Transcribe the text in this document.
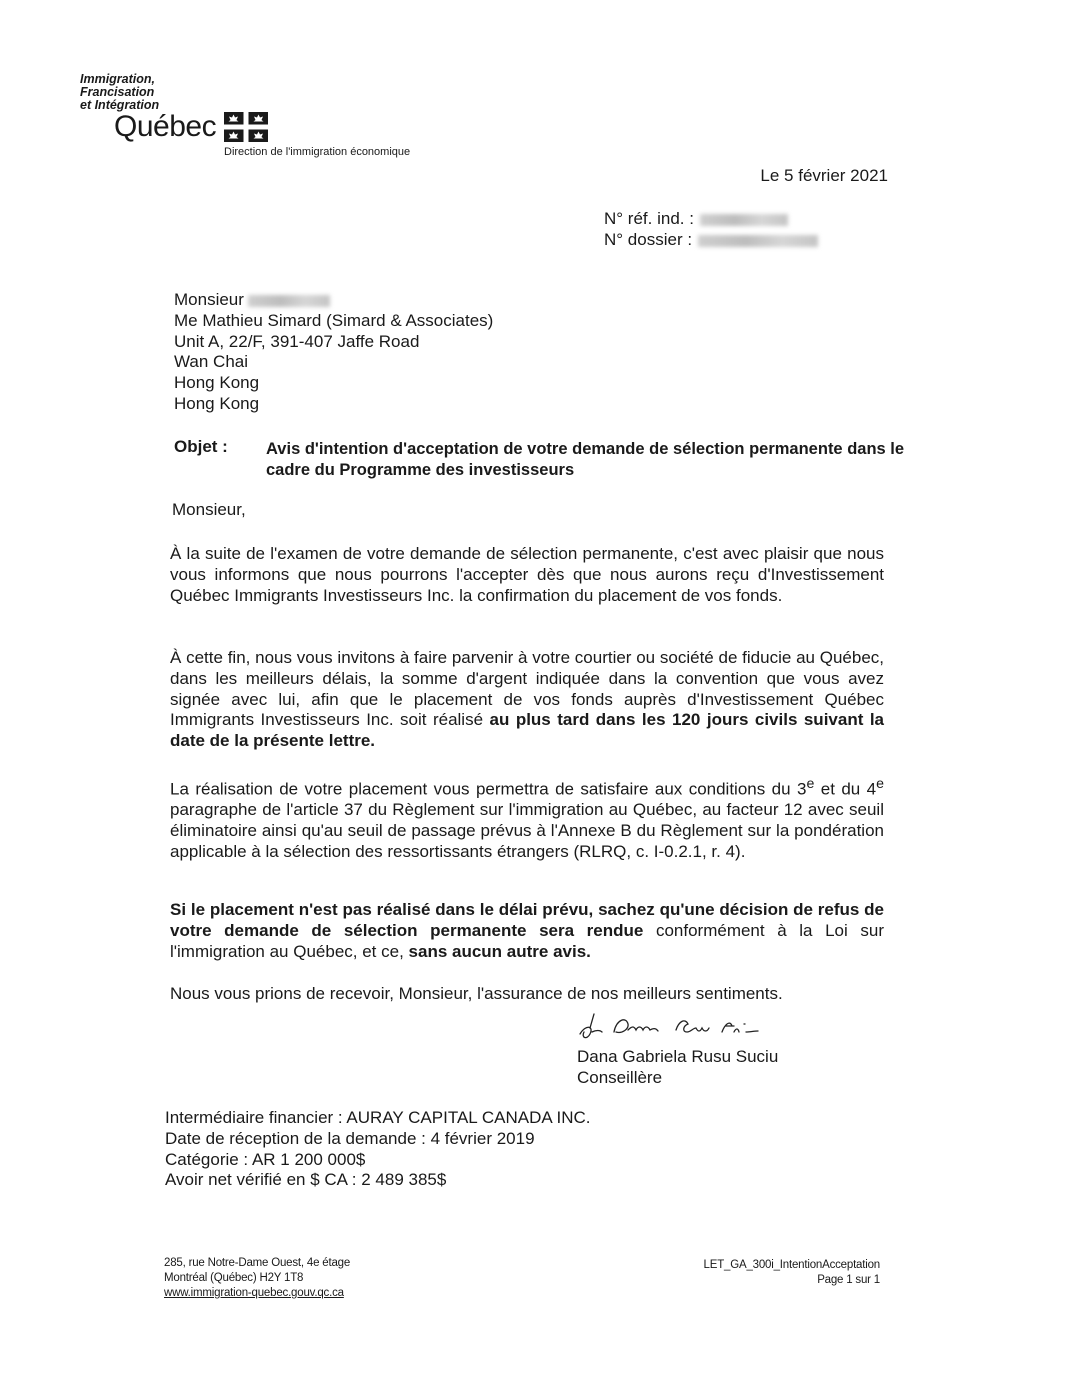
Immigration,
Francisation
et Intégration
Québec
Direction de l'immigration économique
Le 5 février 2021
N° réf. ind. :
N° dossier :
Monsieur
Me Mathieu Simard (Simard & Associates)
Unit A, 22/F, 391-407 Jaffe Road
Wan Chai
Hong Kong
Hong Kong
Objet : Avis d'intention d'acceptation de votre demande de sélection permanente dans le cadre du Programme des investisseurs
Monsieur,
À la suite de l'examen de votre demande de sélection permanente, c'est avec plaisir que nous vous informons que nous pourrons l'accepter dès que nous aurons reçu d'Investissement Québec Immigrants Investisseurs Inc. la confirmation du placement de vos fonds.
À cette fin, nous vous invitons à faire parvenir à votre courtier ou société de fiducie au Québec, dans les meilleurs délais, la somme d'argent indiquée dans la convention que vous avez signée avec lui, afin que le placement de vos fonds auprès d'Investissement Québec Immigrants Investisseurs Inc. soit réalisé au plus tard dans les 120 jours civils suivant la date de la présente lettre.
La réalisation de votre placement vous permettra de satisfaire aux conditions du 3e et du 4e paragraphe de l'article 37 du Règlement sur l'immigration au Québec, au facteur 12 avec seuil éliminatoire ainsi qu'au seuil de passage prévus à l'Annexe B du Règlement sur la pondération applicable à la sélection des ressortissants étrangers (RLRQ, c. I-0.2.1, r. 4).
Si le placement n'est pas réalisé dans le délai prévu, sachez qu'une décision de refus de votre demande de sélection permanente sera rendue conformément à la Loi sur l'immigration au Québec, et ce, sans aucun autre avis.
Nous vous prions de recevoir, Monsieur, l'assurance de nos meilleurs sentiments.
Dana Gabriela Rusu Suciu
Conseillère
Intermédiaire financier : AURAY CAPITAL CANADA INC.
Date de réception de la demande : 4 février 2019
Catégorie : AR 1 200 000$
Avoir net vérifié en $ CA : 2 489 385$
285, rue Notre-Dame Ouest, 4e étage
Montréal (Québec) H2Y 1T8
www.immigration-quebec.gouv.qc.ca
LET_GA_300i_IntentionAcceptation
Page 1 sur 1
